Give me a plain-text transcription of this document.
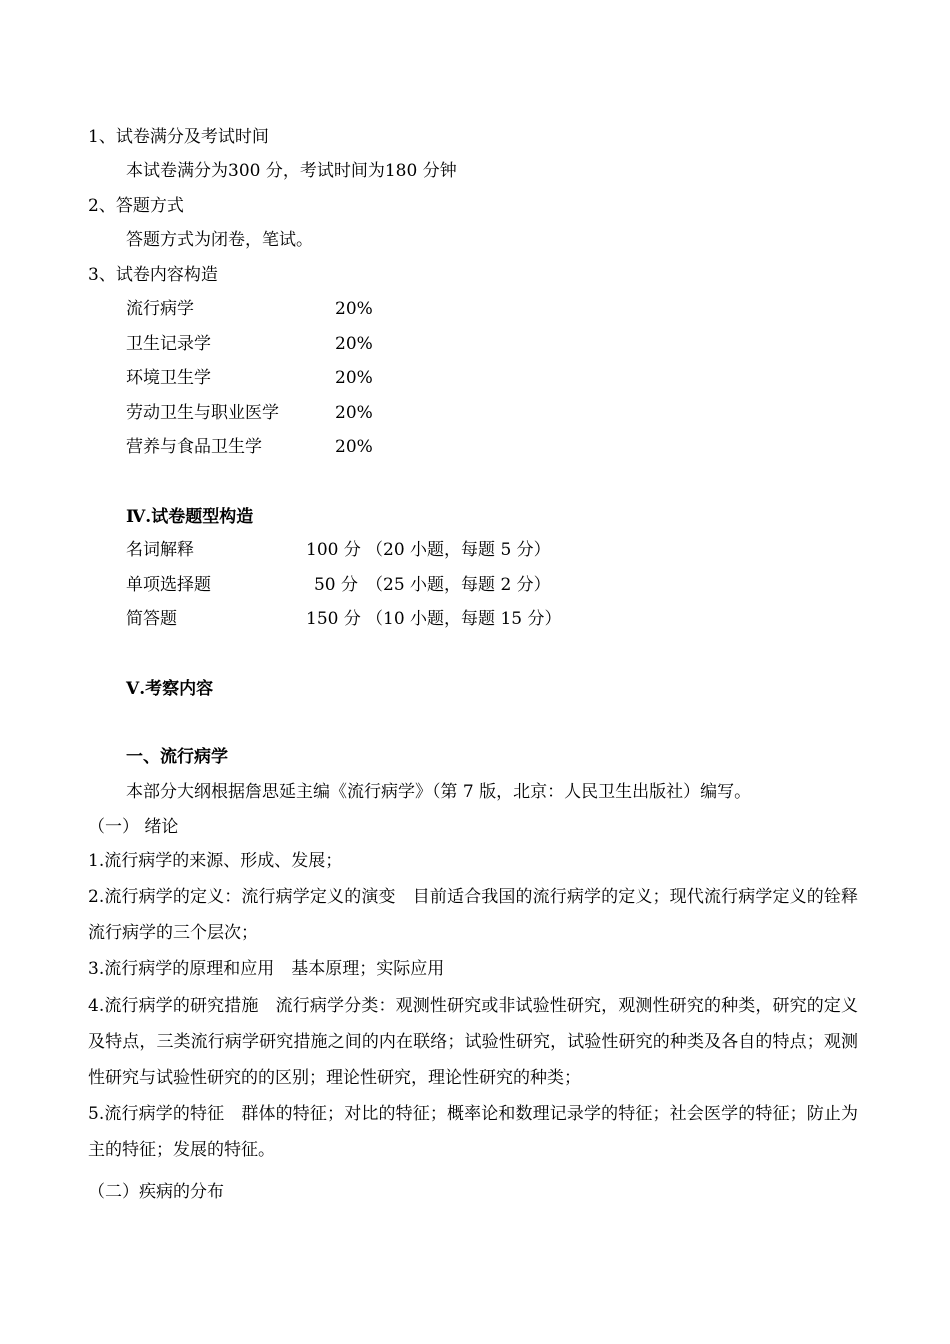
1、试卷满分及考试时间
本试卷满分为300 分，考试时间为180 分钟
2、答题方式
答题方式为闭卷，笔试。
3、试卷内容构造
流行病学	20%
卫生记录学	20%
环境卫生学	20%
劳动卫生与职业医学	20%
营养与食品卫生学	20%
Ⅳ.试卷题型构造
名词解释	100 分 （20 小题，每题 5 分）
单项选择题	50 分 （25 小题，每题 2 分）
简答题	150 分 （10 小题，每题 15 分）
Ⅴ.考察内容
一、流行病学
本部分大纲根据詹思延主编《流行病学》（第 7 版，北京：人民卫生出版社）编写。
（一） 绪论
1.流行病学的来源、形成、发展；
2.流行病学的定义：流行病学定义的演变　目前适合我国的流行病学的定义；现代流行病学定义的铨释　流行病学的三个层次；
3.流行病学的原理和应用　基本原理；实际应用
4.流行病学的研究措施　流行病学分类：观测性研究或非试验性研究，观测性研究的种类，研究的定义及特点，三类流行病学研究措施之间的内在联络；试验性研究，试验性研究的种类及各自的特点；观测性研究与试验性研究的的区别；理论性研究，理论性研究的种类；
5.流行病学的特征　群体的特征；对比的特征；概率论和数理记录学的特征；社会医学的特征；防止为主的特征；发展的特征。
（二）疾病的分布
